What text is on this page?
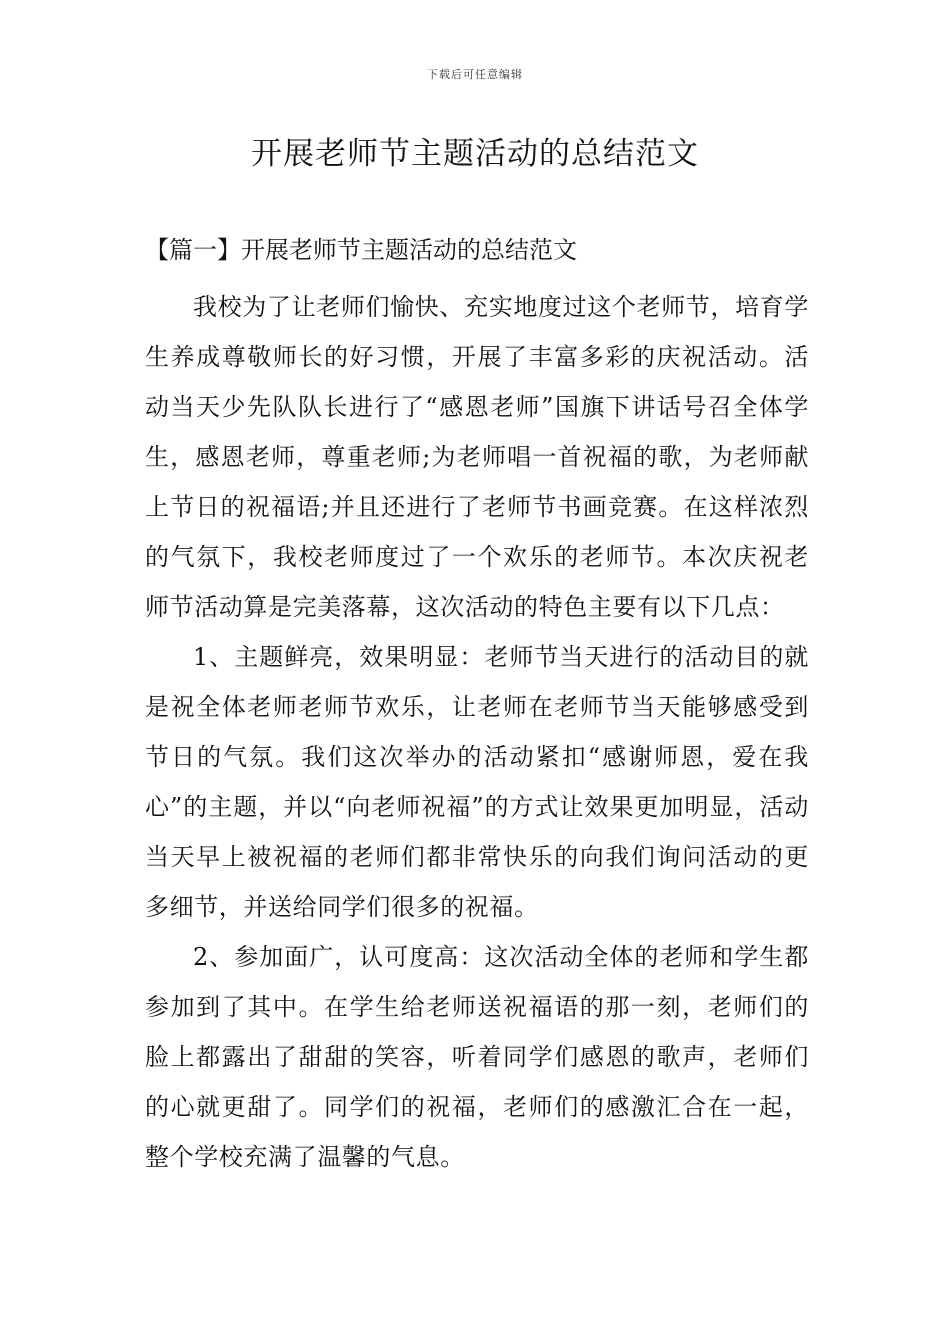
下载后可任意编辑
开展老师节主题活动的总结范文
【篇一】开展老师节主题活动的总结范文

我校为了让老师们愉快、充实地度过这个老师节，培育学生养成尊敬师长的好习惯，开展了丰富多彩的庆祝活动。活动当天少先队队长进行了“感恩老师”国旗下讲话号召全体学生，感恩老师，尊重老师;为老师唱一首祝福的歌，为老师献上节日的祝福语;并且还进行了老师节书画竞赛。在这样浓烈的气氛下，我校老师度过了一个欢乐的老师节。本次庆祝老师节活动算是完美落幕，这次活动的特色主要有以下几点：

1、主题鲜亮，效果明显：老师节当天进行的活动目的就是祝全体老师老师节欢乐，让老师在老师节当天能够感受到节日的气氛。我们这次举办的活动紧扣“感谢师恩，爱在我心”的主题，并以“向老师祝福”的方式让效果更加明显，活动当天早上被祝福的老师们都非常快乐的向我们询问活动的更多细节，并送给同学们很多的祝福。

2、参加面广，认可度高：这次活动全体的老师和学生都参加到了其中。在学生给老师送祝福语的那一刻，老师们的脸上都露出了甜甜的笑容，听着同学们感恩的歌声，老师们的心就更甜了。同学们的祝福，老师们的感激汇合在一起，整个学校充满了温馨的气息。
